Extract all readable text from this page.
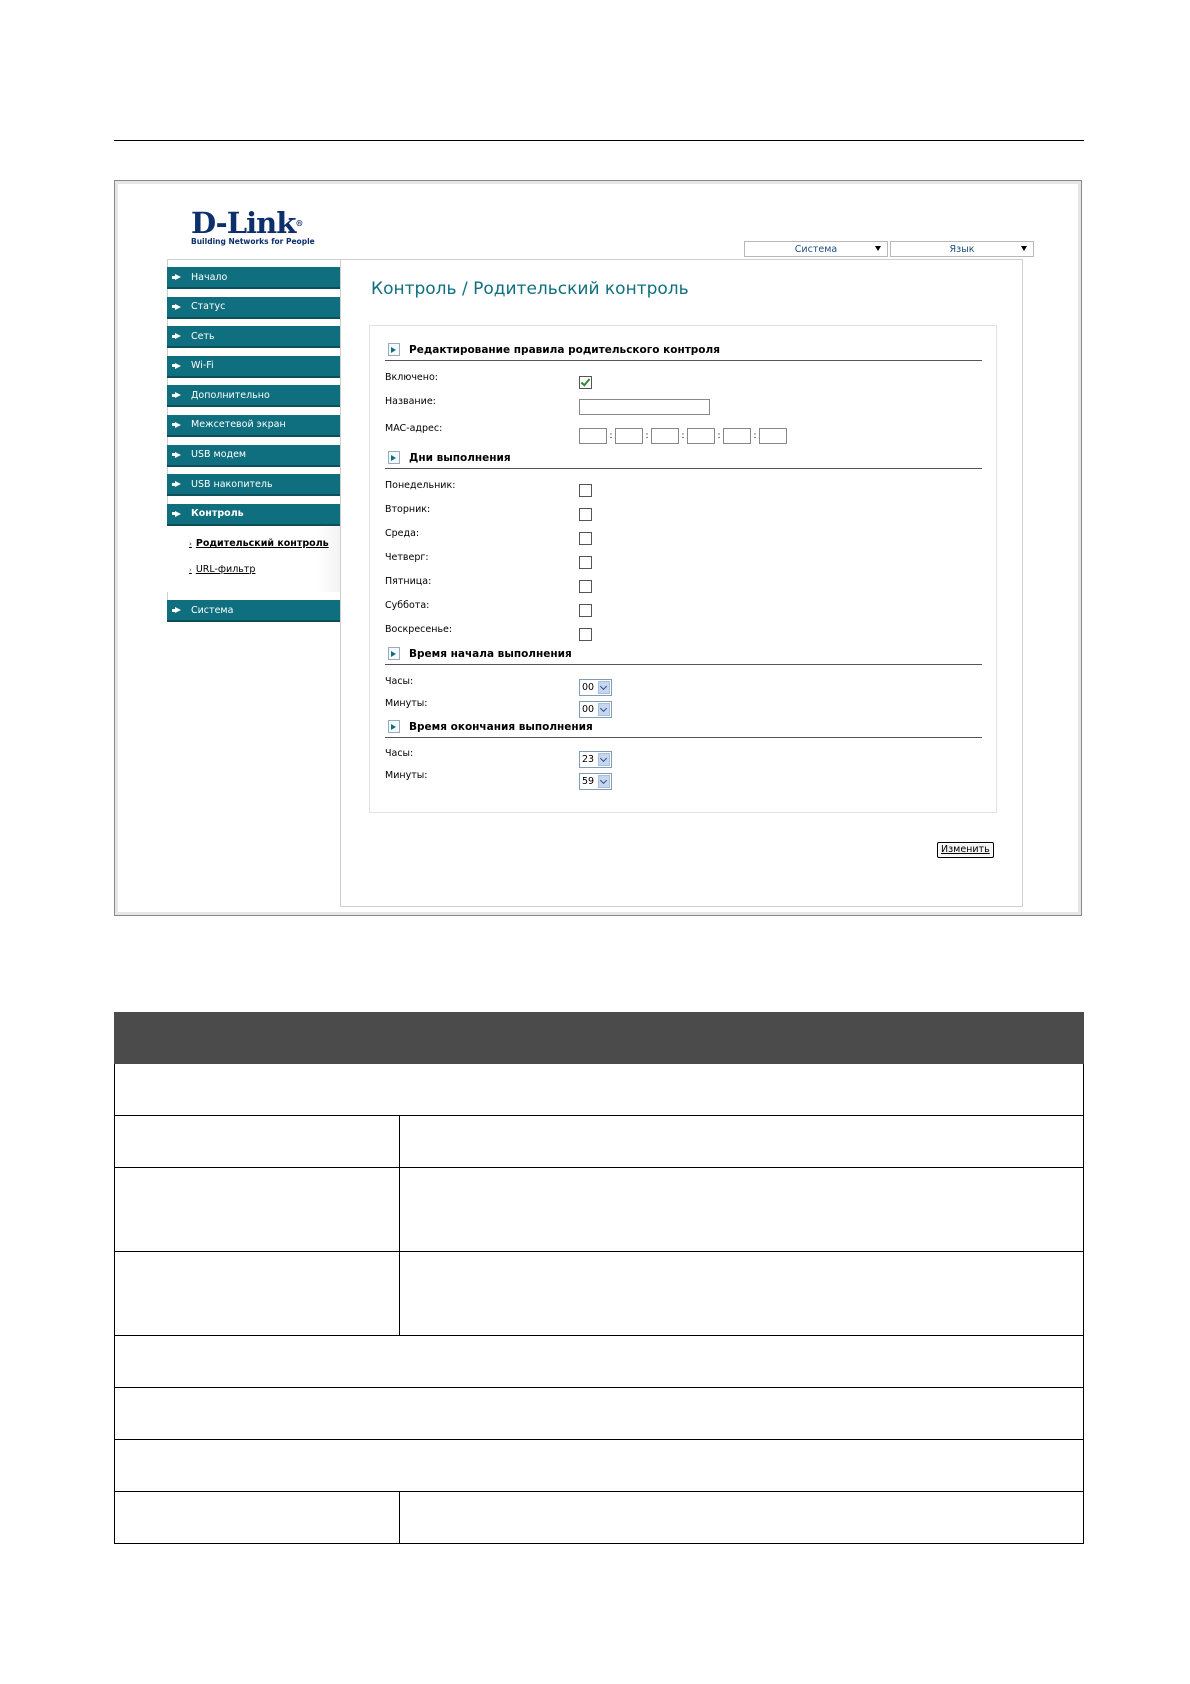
D-Link®
Building Networks for People
Система	Язык
Начало
Статус
Сеть
Wi-Fi
Дополнительно
Межсетевой экран
USB модем
USB накопитель
Контроль
› Родительский контроль
› URL-фильтр
Система
Контроль / Родительский контроль
Редактирование правила родительского контроля
Включено:
Название:
MAC-адрес:
:	:	:	:	:
Дни выполнения
Понедельник:
Вторник:
Среда:
Четверг:
Пятница:
Суббота:
Воскресенье:
Время начала выполнения
Часы:
00
Минуты:
00
Время окончания выполнения
Часы:
23
Минуты:
59
Изменить
